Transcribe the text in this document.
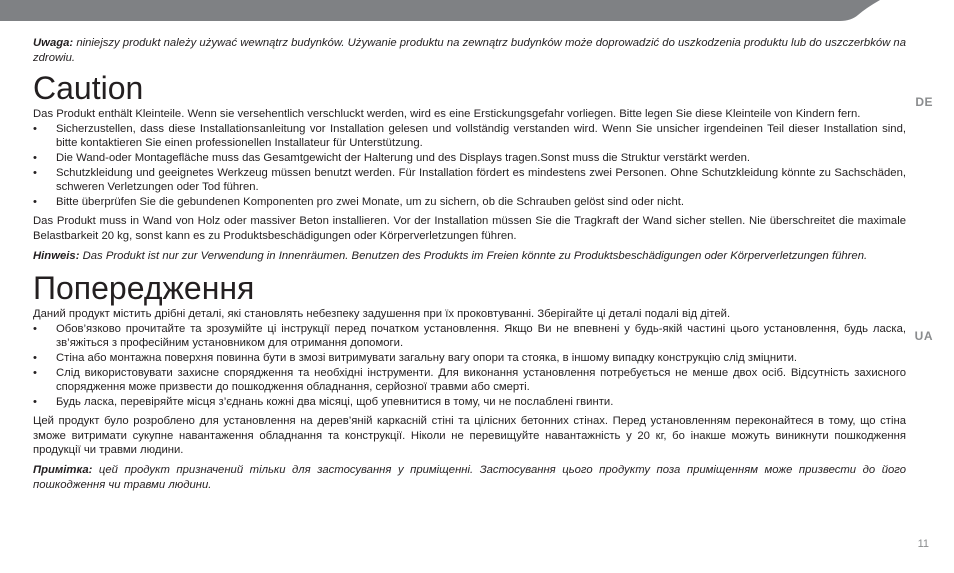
DE
UA

Uwaga: niniejszy produkt należy używać wewnątrz budynków. Używanie produktu na zewnątrz budynków może doprowadzić do uszkodzenia produktu lub do uszczerbków na zdrowiu.

Caution

Das Produkt enthält Kleinteile. Wenn sie versehentlich verschluckt werden, wird es eine Erstickungsgefahr vorliegen. Bitte legen Sie diese Kleinteile von Kindern fern.

• Sicherzustellen, dass diese Installationsanleitung vor Installation gelesen und vollständig verstanden wird. Wenn Sie unsicher irgendeinen Teil dieser Installation sind, bitte kontaktieren Sie einen professionellen Installateur für Unterstützung.
• Die Wand-oder Montagefläche muss das Gesamtgewicht der Halterung und des Displays tragen.Sonst muss die Struktur verstärkt werden.
• Schutzkleidung und geeignetes Werkzeug müssen benutzt werden. Für Installation fördert es mindestens zwei Personen. Ohne Schutzkleidung könnte zu Sachschäden, schweren Verletzungen oder Tod führen.
• Bitte überprüfen Sie die gebundenen Komponenten pro zwei Monate, um zu sichern, ob die Schrauben gelöst sind oder nicht.

Das Produkt muss in Wand von Holz oder massiver Beton installieren. Vor der Installation müssen Sie die Tragkraft der Wand sicher stellen. Nie überschreitet die maximale Belastbarkeit 20 kg, sonst kann es zu Produktsbeschädigungen oder Körperverletzungen führen.

Hinweis: Das Produkt ist nur zur Verwendung in Innenräumen. Benutzen des Produkts im Freien könnte zu Produktsbeschädigungen oder Körperverletzungen führen.

Попередження

Даний продукт містить дрібні деталі, які становлять небезпеку задушення при їх проковтуванні. Зберігайте ці деталі подалі від дітей.

• Обов’язково прочитайте та зрозумійте ці інструкції перед початком установлення. Якщо Ви не впевнені у будь-якій частині цього установлення, будь ласка, зв’яжіться з професійним установником для отримання допомоги.
• Стіна або монтажна поверхня повинна бути в змозі витримувати загальну вагу опори та стояка, в іншому випадку конструкцію слід зміцнити.
• Слід використовувати захисне спорядження та необхідні інструменти. Для виконання установлення потребується не менше двох осіб. Відсутність захисного спорядження може призвести до пошкодження обладнання, серйозної травми або смерті.
• Будь ласка, перевіряйте місця з’єднань кожні два місяці, щоб упевнитися в тому, чи не послаблені гвинти.

Цей продукт було розроблено для установлення на дерев’яній каркасній стіні та цілісних бетонних стінах. Перед установленням переконайтеся в тому, що стіна зможе витримати сукупне навантаження обладнання та конструкції. Ніколи не перевищуйте навантажність у 20 кг, бо інакше можуть виникнути пошкодження продукції чи травми людини.

Примітка: цей продукт призначений тільки для застосування у приміщенні. Застосування цього продукту поза приміщенням може призвести до його пошкодження чи травми людини.

11
